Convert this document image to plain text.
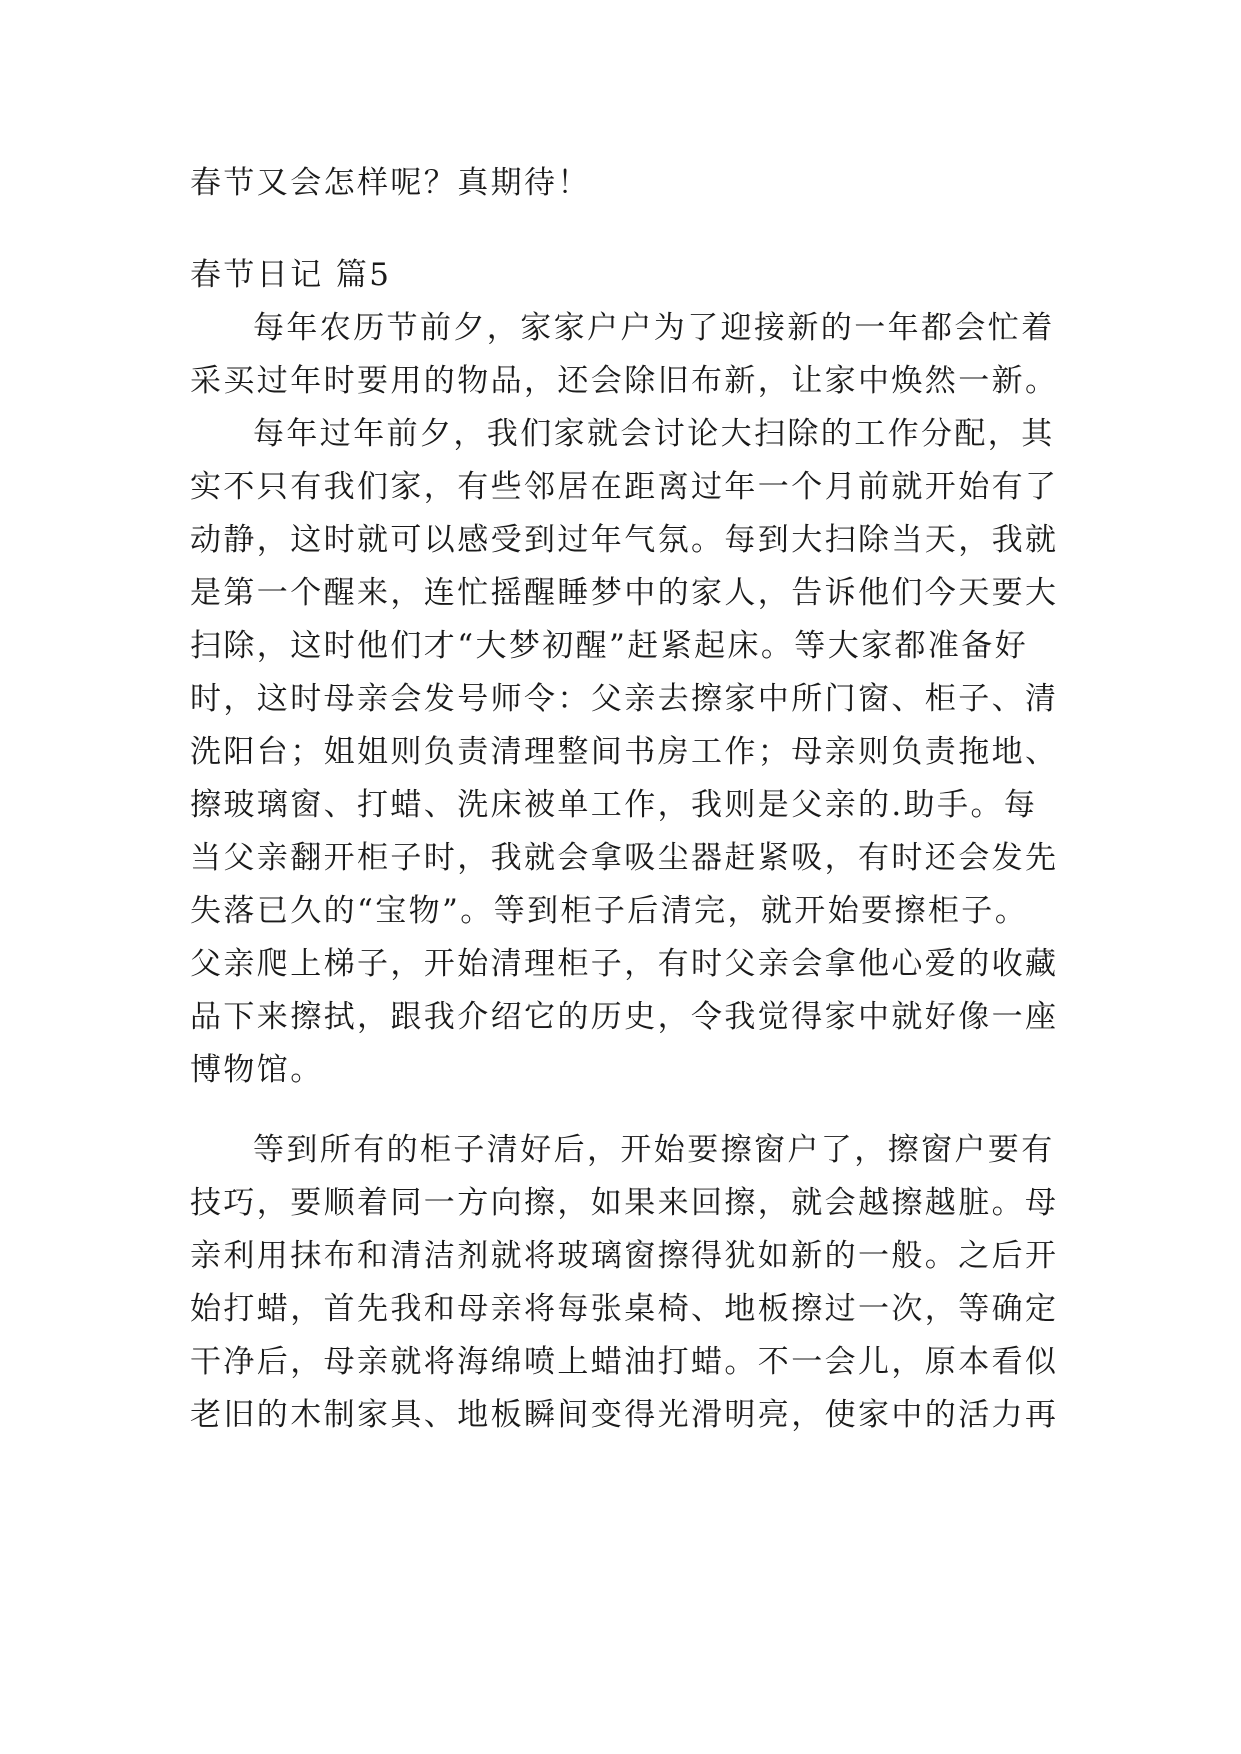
春节又会怎样呢？真期待！

春节日记 篇5

每年农历节前夕，家家户户为了迎接新的一年都会忙着

采买过年时要用的物品，还会除旧布新，让家中焕然一新。

每年过年前夕，我们家就会讨论大扫除的工作分配，其

实不只有我们家，有些邻居在距离过年一个月前就开始有了

动静，这时就可以感受到过年气氛。每到大扫除当天，我就

是第一个醒来，连忙摇醒睡梦中的家人，告诉他们今天要大

扫除，这时他们才“大梦初醒”赶紧起床。等大家都准备好

时，这时母亲会发号师令：父亲去擦家中所门窗、柜子、清

洗阳台；姐姐则负责清理整间书房工作；母亲则负责拖地、

擦玻璃窗、打蜡、洗床被单工作，我则是父亲的.助手。每

当父亲翻开柜子时，我就会拿吸尘器赶紧吸，有时还会发先

失落已久的“宝物”。等到柜子后清完，就开始要擦柜子。

父亲爬上梯子，开始清理柜子，有时父亲会拿他心爱的收藏

品下来擦拭，跟我介绍它的历史，令我觉得家中就好像一座

博物馆。

等到所有的柜子清好后，开始要擦窗户了，擦窗户要有

技巧，要顺着同一方向擦，如果来回擦，就会越擦越脏。母

亲利用抹布和清洁剂就将玻璃窗擦得犹如新的一般。之后开

始打蜡，首先我和母亲将每张桌椅、地板擦过一次，等确定

干净后，母亲就将海绵喷上蜡油打蜡。不一会儿，原本看似

老旧的木制家具、地板瞬间变得光滑明亮，使家中的活力再
